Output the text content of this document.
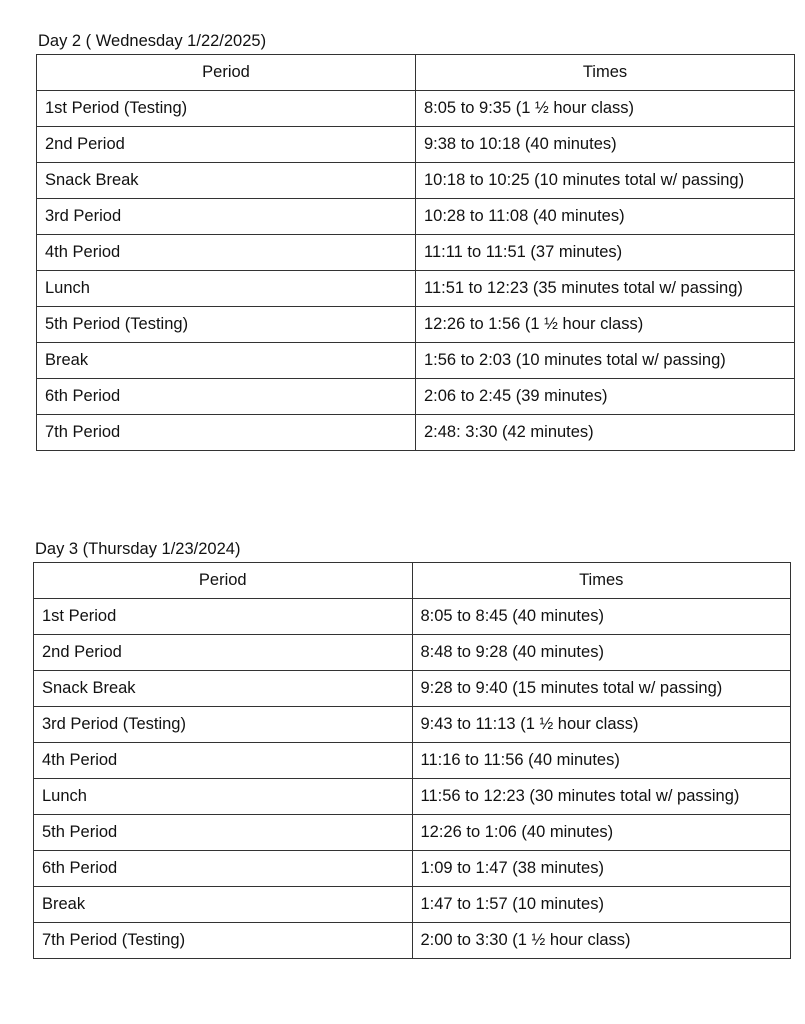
Day 2 ( Wednesday 1/22/2025)
Period	Times
1st Period (Testing)	8:05 to 9:35 (1 ½ hour class)
2nd Period	9:38 to 10:18 (40 minutes)
Snack Break	10:18 to 10:25 (10 minutes total w/ passing)
3rd Period	10:28 to 11:08 (40 minutes)
4th Period	11:11 to 11:51 (37 minutes)
Lunch	11:51 to 12:23 (35 minutes total w/ passing)
5th Period (Testing)	12:26 to 1:56 (1 ½ hour class)
Break	1:56 to 2:03 (10 minutes total w/ passing)
6th Period	2:06 to 2:45 (39 minutes)
7th Period	2:48: 3:30 (42 minutes)
Day 3 (Thursday 1/23/2024)
Period	Times
1st Period	8:05 to 8:45 (40 minutes)
2nd Period	8:48 to 9:28 (40 minutes)
Snack Break	9:28 to 9:40 (15 minutes total w/ passing)
3rd Period (Testing)	9:43 to 11:13 (1 ½ hour class)
4th Period	11:16 to 11:56 (40 minutes)
Lunch	11:56 to 12:23 (30 minutes total w/ passing)
5th Period	12:26 to 1:06 (40 minutes)
6th Period	1:09 to 1:47 (38 minutes)
Break	1:47 to 1:57 (10 minutes)
7th Period (Testing)	2:00 to 3:30 (1 ½ hour class)
